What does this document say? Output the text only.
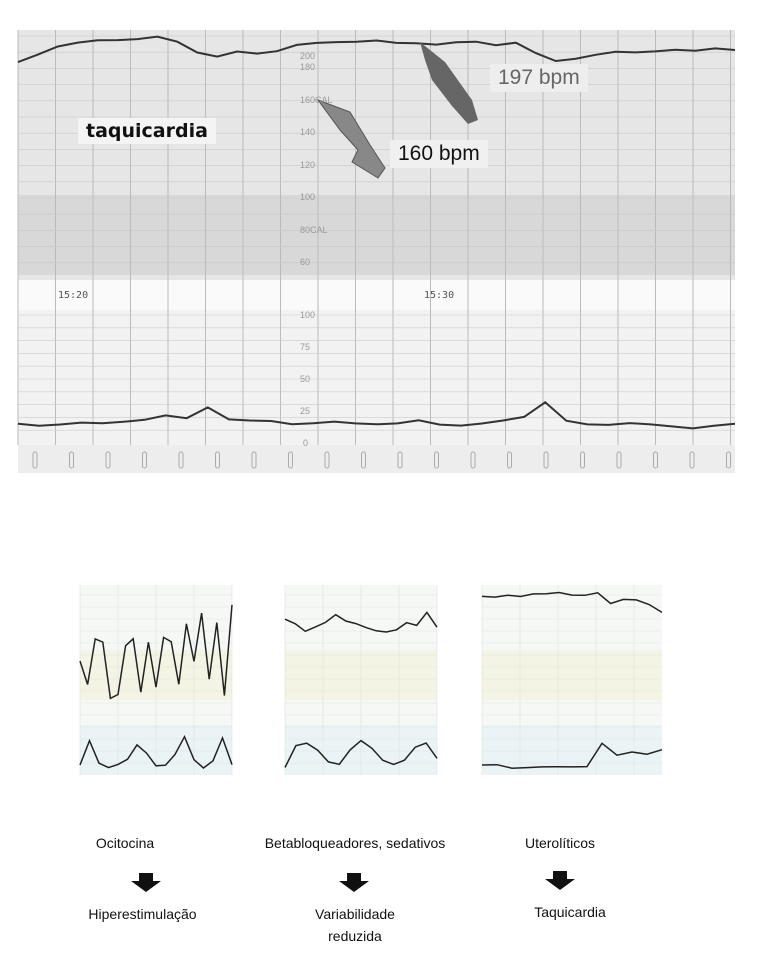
200
180
160CAL
140
120
100
80CAL
60
100
75
50
25
0
15:20	15:30
taquicardia
197 bpm
160 bpm
Ocitocina	Betabloqueadores, sedativos	Uterolíticos
Hiperestimulação	Variabilidade
reduzida
Taquicardia
